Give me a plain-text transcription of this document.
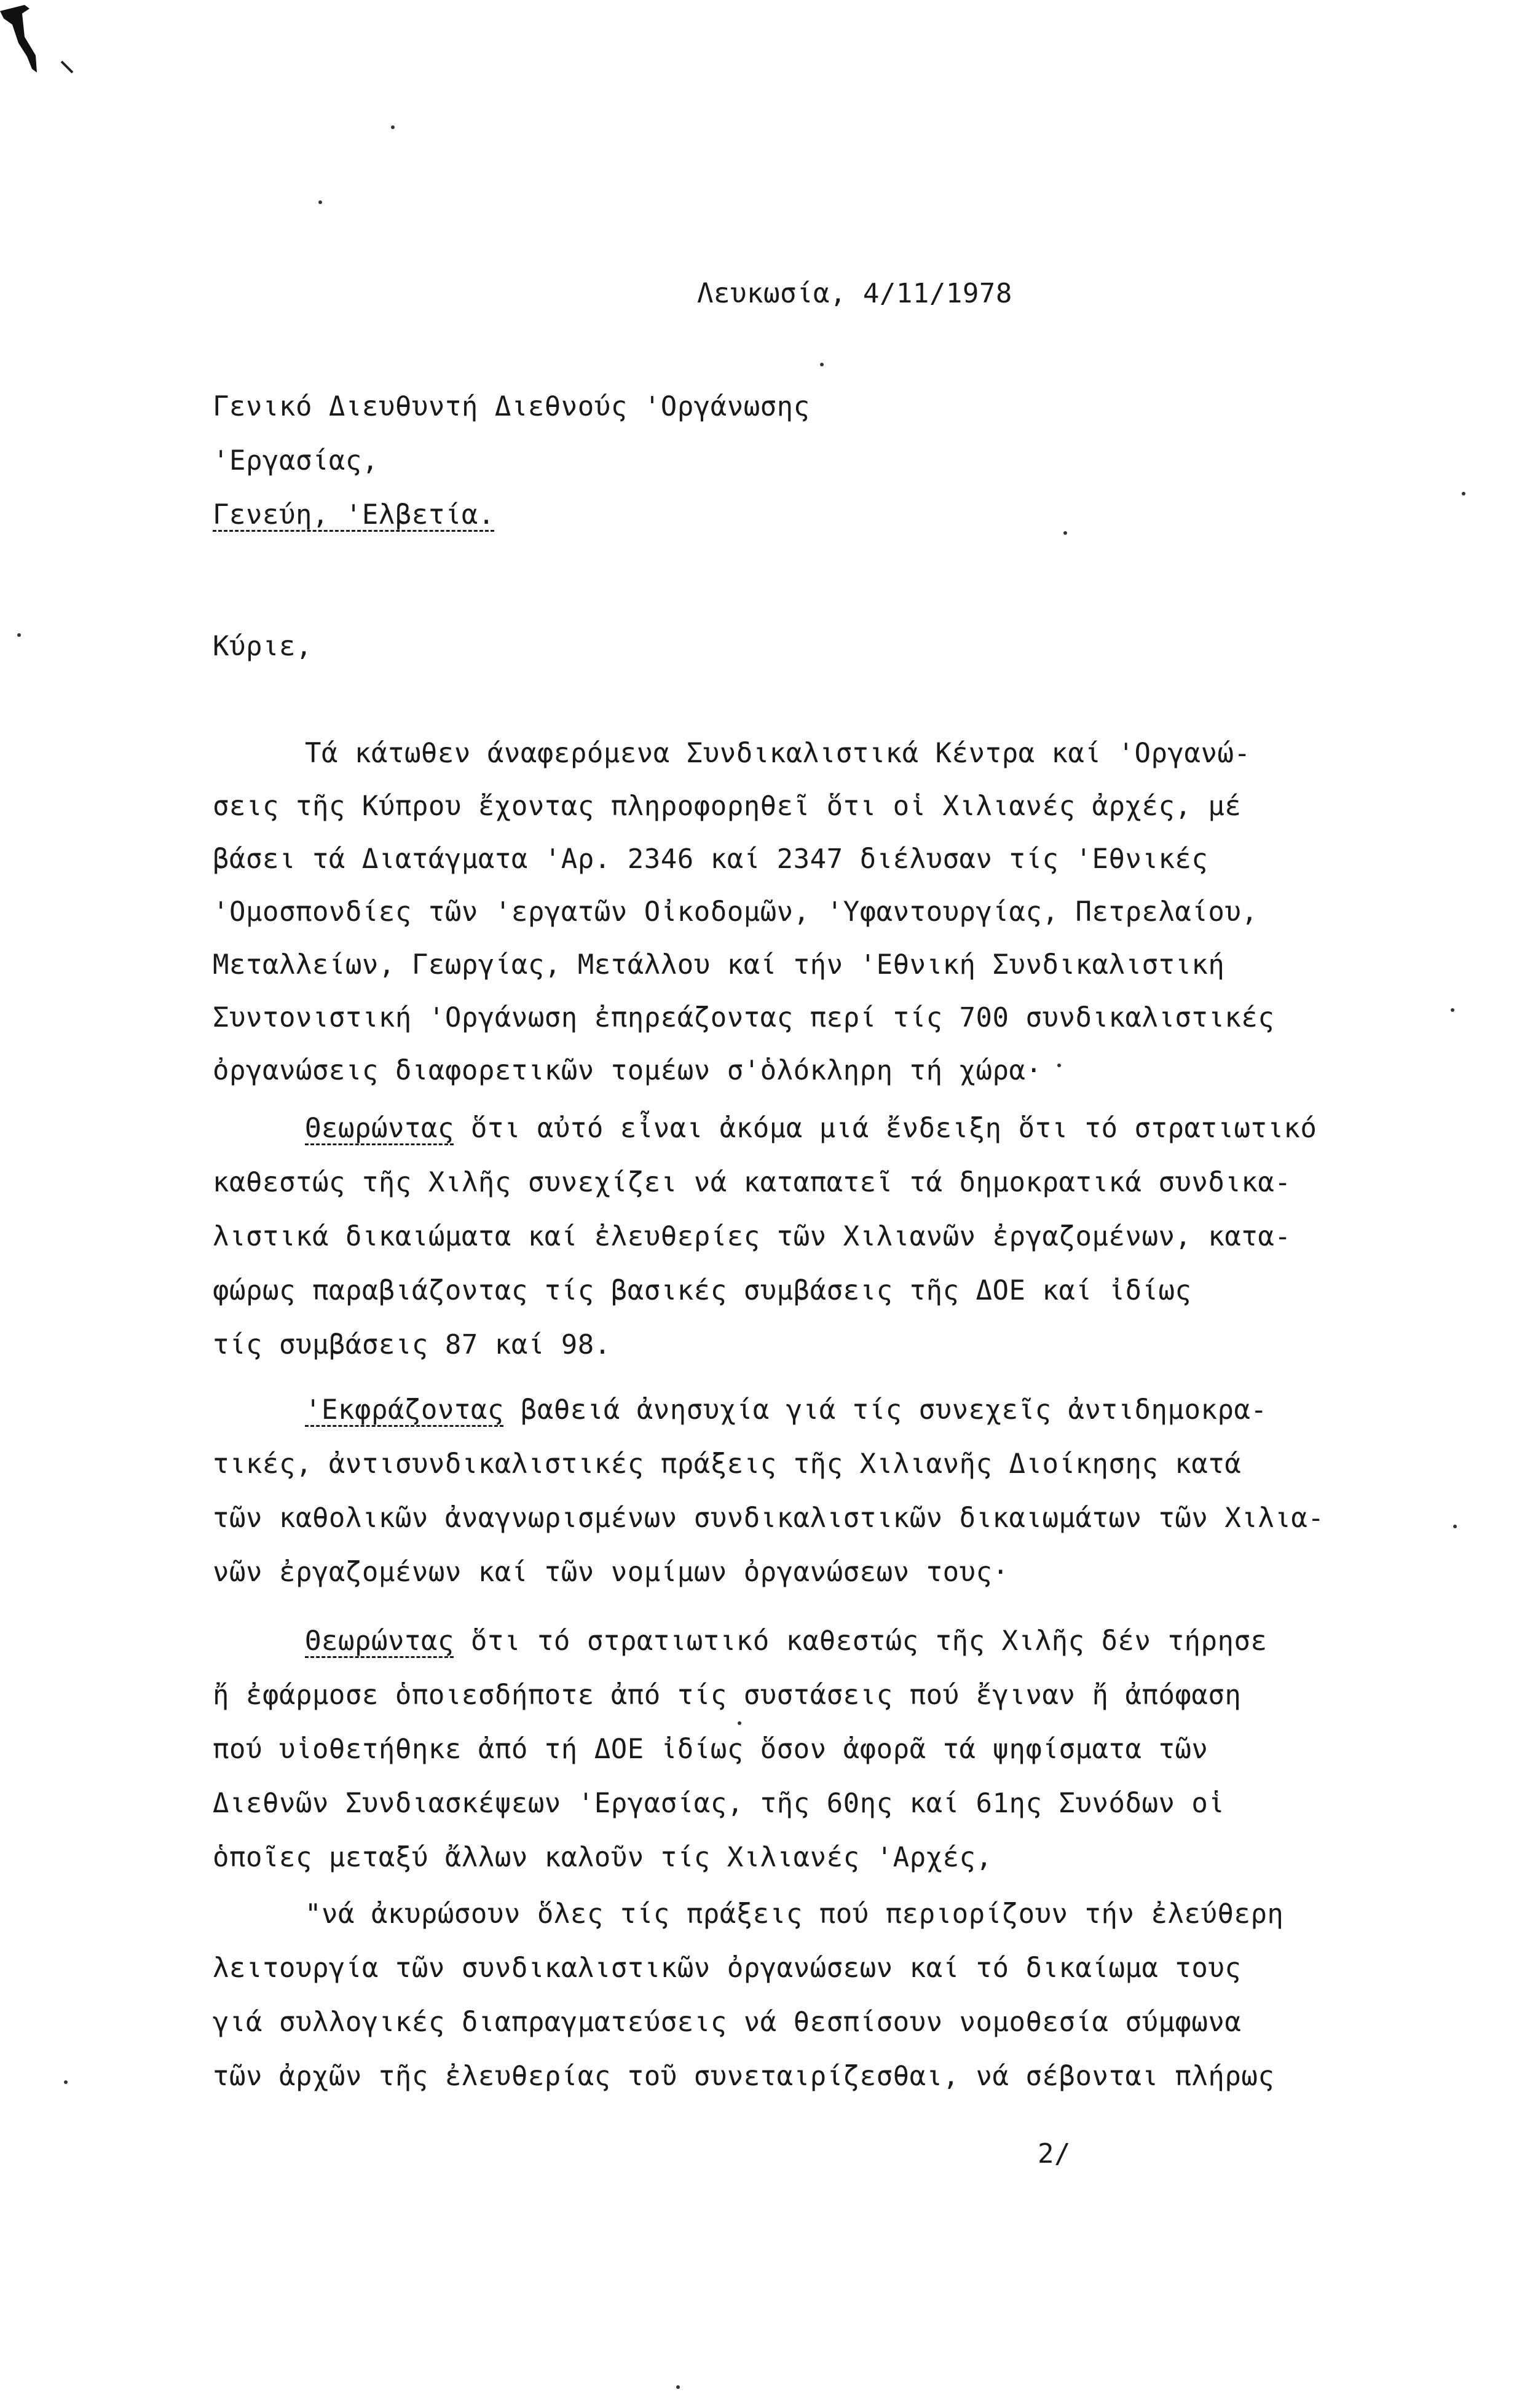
Λευκωσία, 4/11/1978
Γενικό Διευθυντή Διεθνούς 'Οργάνωσης
'Εργασίας,
Γενεύη, 'Ελβετία.
Κύριε,
Τά κάτωθεν άναφερόμενα Συνδικαλιστικά Κέντρα καί 'Οργανώ-
σεις τῆς Κύπρου ἔχοντας πληροφορηθεῖ ὅτι οἱ Χιλιανές ἀρχές, μέ
βάσει τά Διατάγματα 'Αρ. 2346 καί 2347 διέλυσαν τίς 'Εθνικές
'Ομοσπονδίες τῶν 'εργατῶν Οἰκοδομῶν, 'Υφαντουργίας, Πετρελαίου,
Μεταλλείων, Γεωργίας, Μετάλλου καί τήν 'Εθνική Συνδικαλιστική
Συντονιστική 'Οργάνωση ἐπηρεάζοντας περί τίς 700 συνδικαλιστικές
ὀργανώσεις διαφορετικῶν τομέων σ'ὁλόκληρη τή χώρα·
Θεωρώντας ὅτι αὐτό εἶναι ἀκόμα μιά ἔνδειξη ὅτι τό στρατιωτικό
καθεστώς τῆς Χιλῆς συνεχίζει νά καταπατεῖ τά δημοκρατικά συνδικα-
λιστικά δικαιώματα καί ἐλευθερίες τῶν Χιλιανῶν ἐργαζομένων, κατα-
φώρως παραβιάζοντας τίς βασικές συμβάσεις τῆς ΔΟΕ καί ἰδίως
τίς συμβάσεις 87 καί 98.
'Εκφράζοντας βαθειά ἀνησυχία γιά τίς συνεχεῖς ἀντιδημοκρα-
τικές, ἀντισυνδικαλιστικές πράξεις τῆς Χιλιανῆς Διοίκησης κατά
τῶν καθολικῶν ἀναγνωρισμένων συνδικαλιστικῶν δικαιωμάτων τῶν Χιλια-
νῶν ἐργαζομένων καί τῶν νομίμων ὀργανώσεων τους·
Θεωρώντας ὅτι τό στρατιωτικό καθεστώς τῆς Χιλῆς δέν τήρησε
ἤ ἐφάρμοσε ὁποιεσδήποτε ἀπό τίς συστάσεις πού ἔγιναν ἤ ἀπόφαση
πού υἱοθετήθηκε ἀπό τή ΔΟΕ ἰδίως ὅσον ἀφορᾶ τά ψηφίσματα τῶν
Διεθνῶν Συνδιασκέψεων 'Εργασίας, τῆς 60ης καί 61ης Συνόδων οἱ
ὁποῖες μεταξύ ἄλλων καλοῦν τίς Χιλιανές 'Αρχές,
"νά ἀκυρώσουν ὅλες τίς πράξεις πού περιορίζουν τήν ἐλεύθερη
λειτουργία τῶν συνδικαλιστικῶν ὀργανώσεων καί τό δικαίωμα τους
γιά συλλογικές διαπραγματεύσεις νά θεσπίσουν νομοθεσία σύμφωνα
τῶν ἀρχῶν τῆς ἐλευθερίας τοῦ συνεταιρίζεσθαι, νά σέβονται πλήρως
2/
